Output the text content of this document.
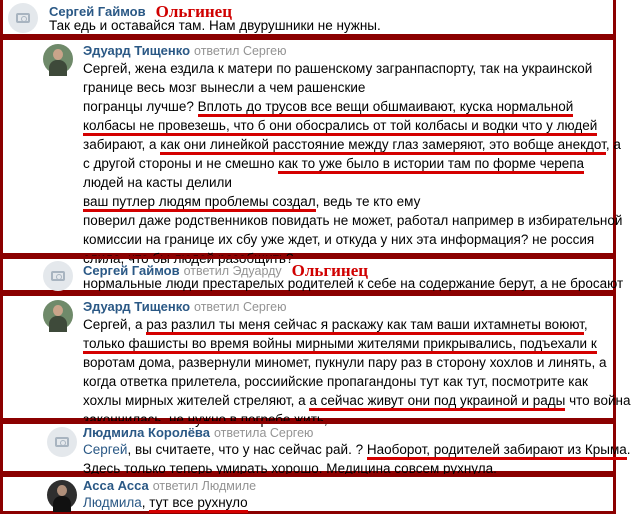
Сергей Гаймов Ольгинец
Так едь и оставайся там. Нам двурушники не нужны.
Эдуард Тищенко ответил Сергею
Сергей, жена ездила к матери по рашенскому загранпаспорту, так на украинской
границе весь мозг вынесли а чем рашенские
погранцы лучше? Вплоть до трусов все вещи обшмаивают, куска нормальной
колбасы не провезешь, что б они обосрались от той колбасы и водки что у людей
забирают, а как они линейкой расстояние между глаз замеряют, это вобще анекдот, а
с другой стороны и не смешно как то уже было в истории там по форме черепа
людей на касты делили
ваш путлер людям проблемы создал, ведь те кто ему
поверил даже родственников повидать не может, работал например в избирательной
комиссии на границе их сбу уже ждет, и откуда у них эта информация? не россия
слила, что бы людей разобщить?
Сергей Гаймов ответил Эдуарду Ольгинец
нормальные люди престарелых родителей к себе на содержание берут, а не бросают
Эдуард Тищенко ответил Сергею
Сергей, а раз разлил ты меня сейчас я раскажу как там ваши ихтамнеты воюют,
только фашисты во время войны мирными жителями прикрывались, подъехали к
воротам дома, развернули миномет, пукнули пару раз в сторону хохлов и линять, а
когда ответка прилетела, россиийские пропагандоны тут как тут, посмотрите как
хохлы мирных жителей стреляют, а а сейчас живут они под украиной и рады что война
закончилась. не нужно в погребе жить,
Людмила Королёва ответила Сергею
Сергей, вы считаете, что у нас сейчас рай. ? Наоборот, родителей забирают из Крыма.
Здесь только теперь умирать хорошо. Медицина совсем рухнула.
Асса Асса ответил Людмиле
Людмила, тут все рухнуло
